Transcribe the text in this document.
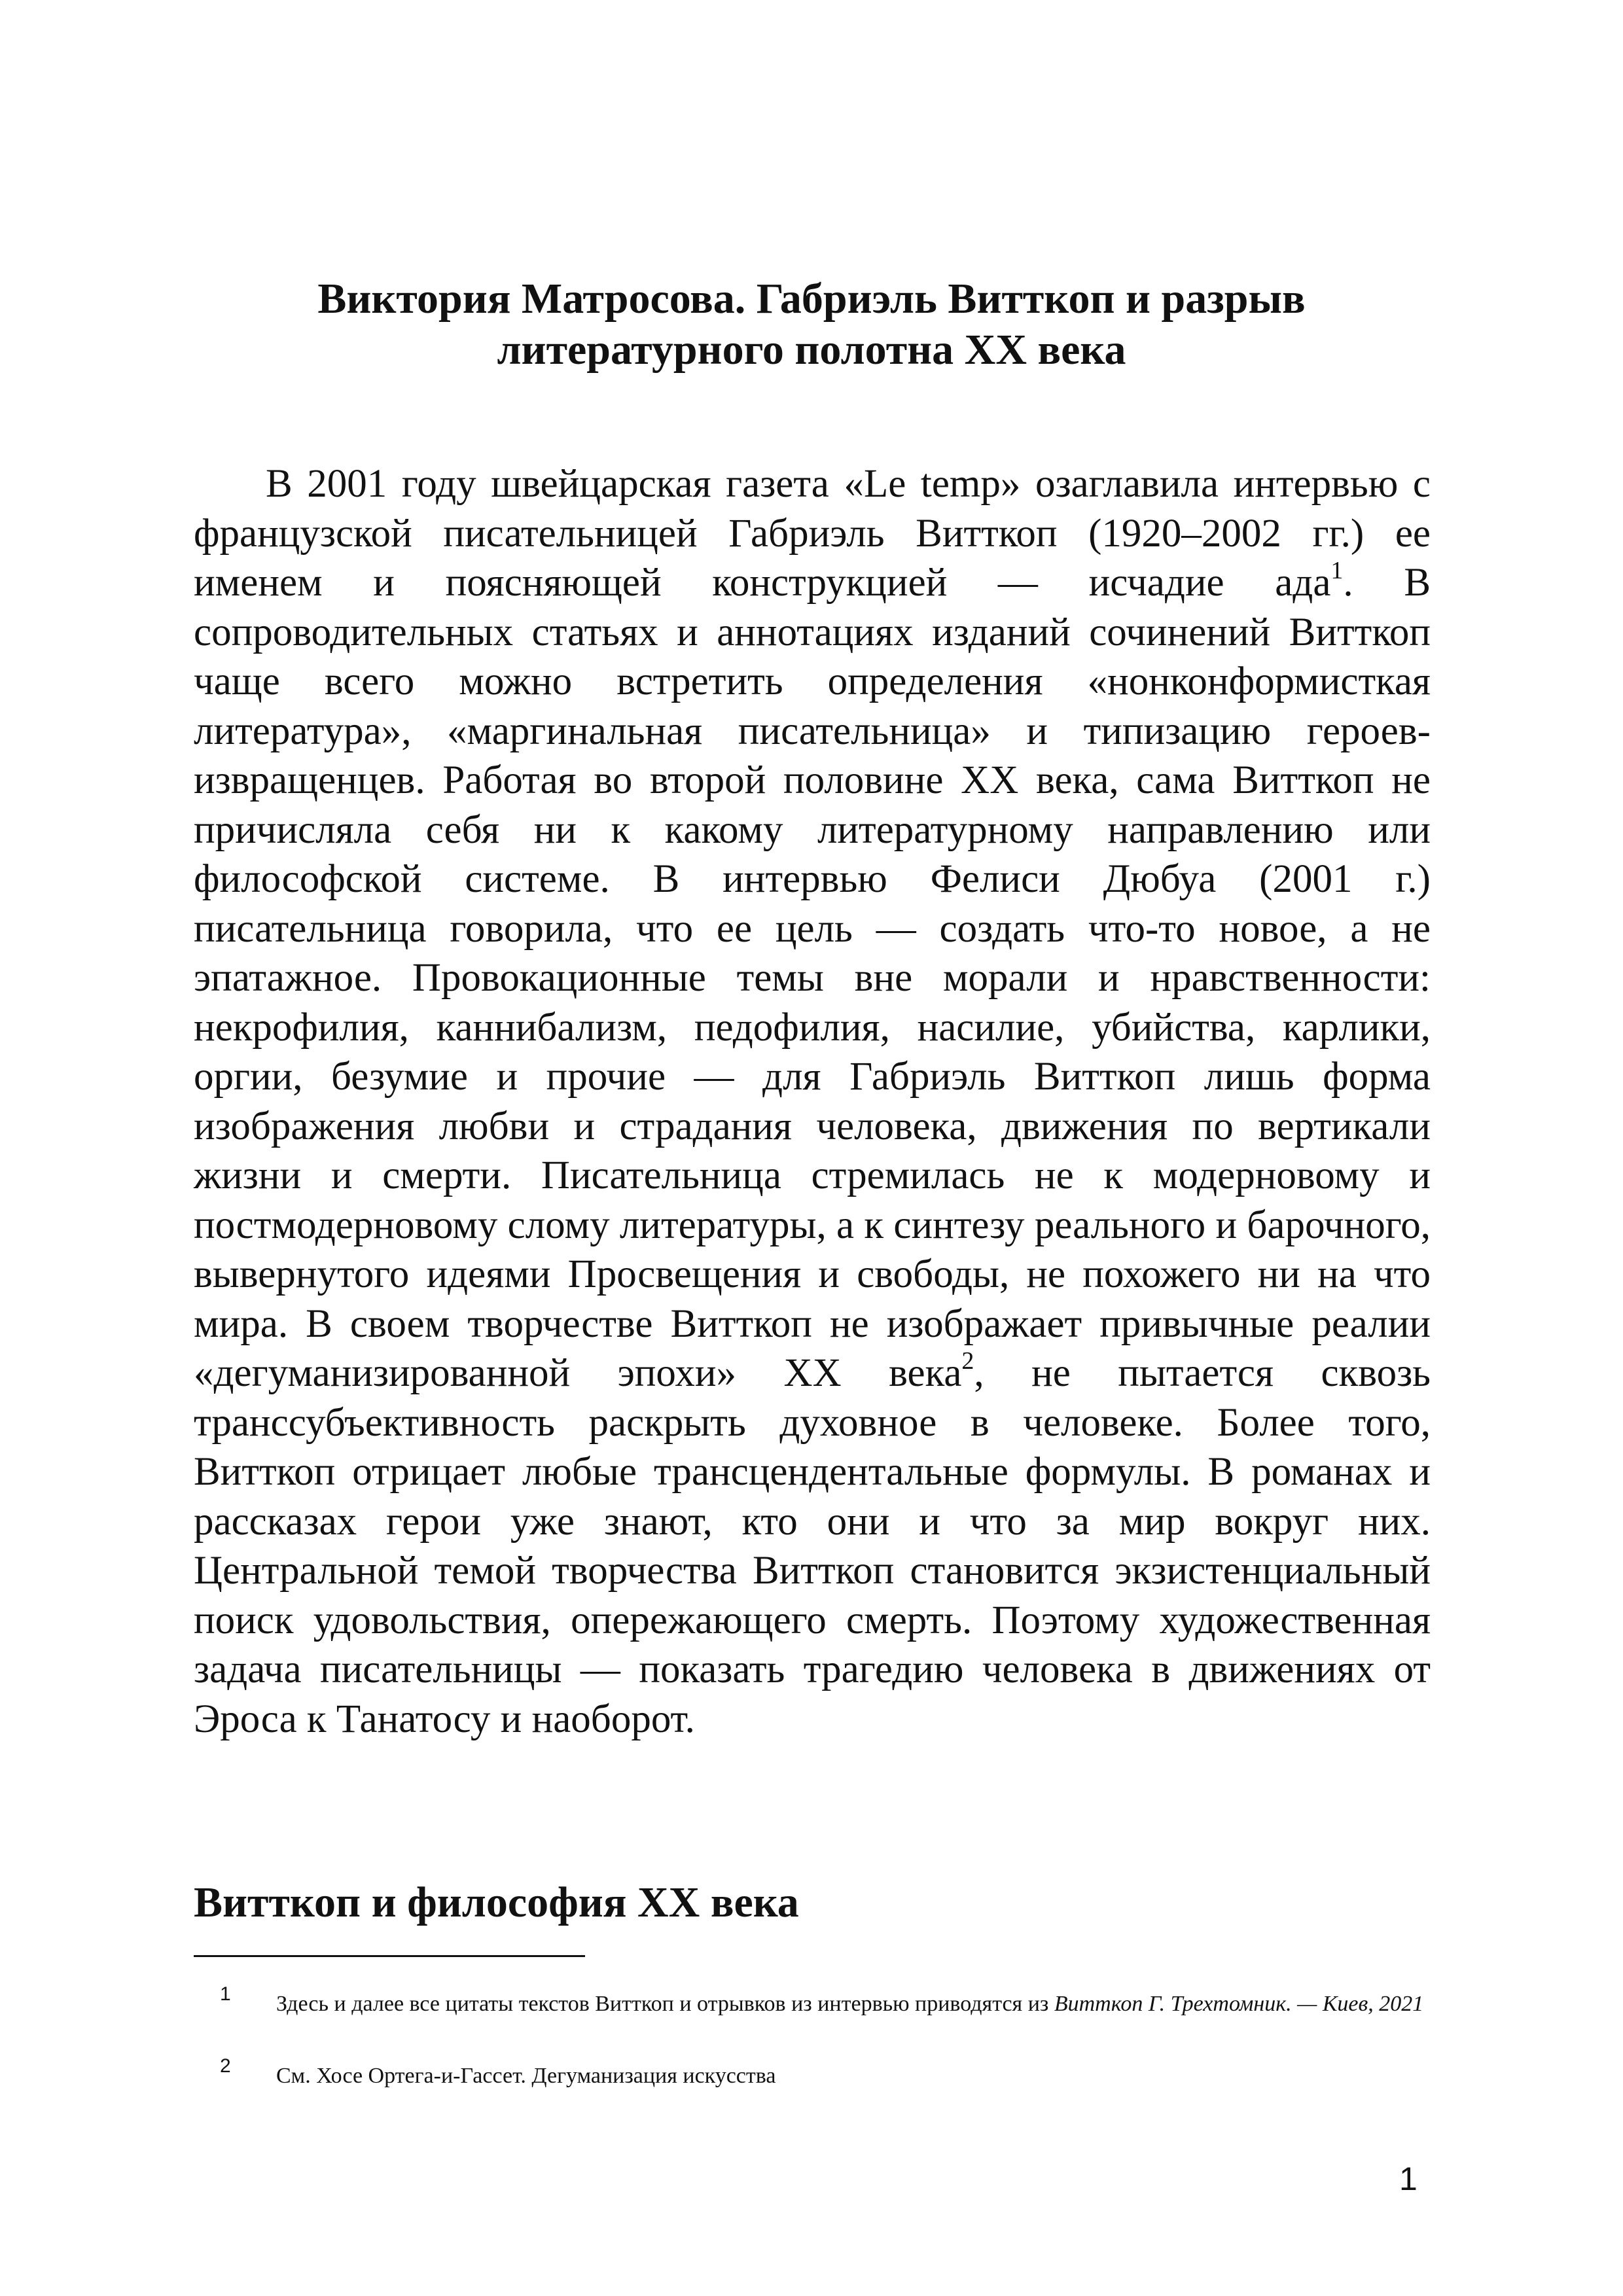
Виктория Матросова. Габриэль Витткоп и разрыв
литературного полотна XX века

В 2001 году швейцарская газета «Le temp» озаглавила интервью с французской писательницей Габриэль Витткоп (1920–2002 гг.) ее именем и поясняющей конструкцией — исчадие ада$^1$. В сопроводительных статьях и аннотациях изданий сочинений Витткоп чаще всего можно встретить определения «нонконформисткая литература», «маргинальная писательница» и типизацию героев-извращенцев. Работая во второй половине XX века, сама Витткоп не причисляла себя ни к какому литературному направлению или философской системе. В интервью Фелиси Дюбуа (2001 г.) писательница говорила, что ее цель — создать что-то новое, а не эпатажное. Провокационные темы вне морали и нравственности: некрофилия, каннибализм, педофилия, насилие, убийства, карлики, оргии, безумие и прочие — для Габриэль Витткоп лишь форма изображения любви и страдания человека, движения по вертикали жизни и смерти. Писательница стремилась не к модерновому и постмодерновому слому литературы, а к синтезу реального и барочного, вывернутого идеями Просвещения и свободы, не похожего ни на что мира. В своем творчестве Витткоп не изображает привычные реалии «дегуманизированной эпохи» XX века$^2$, не пытается сквозь транссубъективность раскрыть духовное в человеке. Более того, Витткоп отрицает любые трансцендентальные формулы. В романах и рассказах герои уже знают, кто они и что за мир вокруг них. Центральной темой творчества Витткоп становится экзистенциальный поиск удовольствия, опережающего смерть. Поэтому художественная задача писательницы — показать трагедию человека в движениях от Эроса к Танатосу и наоборот.

Витткоп и философия XX века
1 Здесь и далее все цитаты текстов Витткоп и отрывков из интервью приводятся из Витткоп Г. Трехтомник. — Киев, 2021
2 См. Хосе Ортега-и-Гассет. Дегуманизация искусства
1
